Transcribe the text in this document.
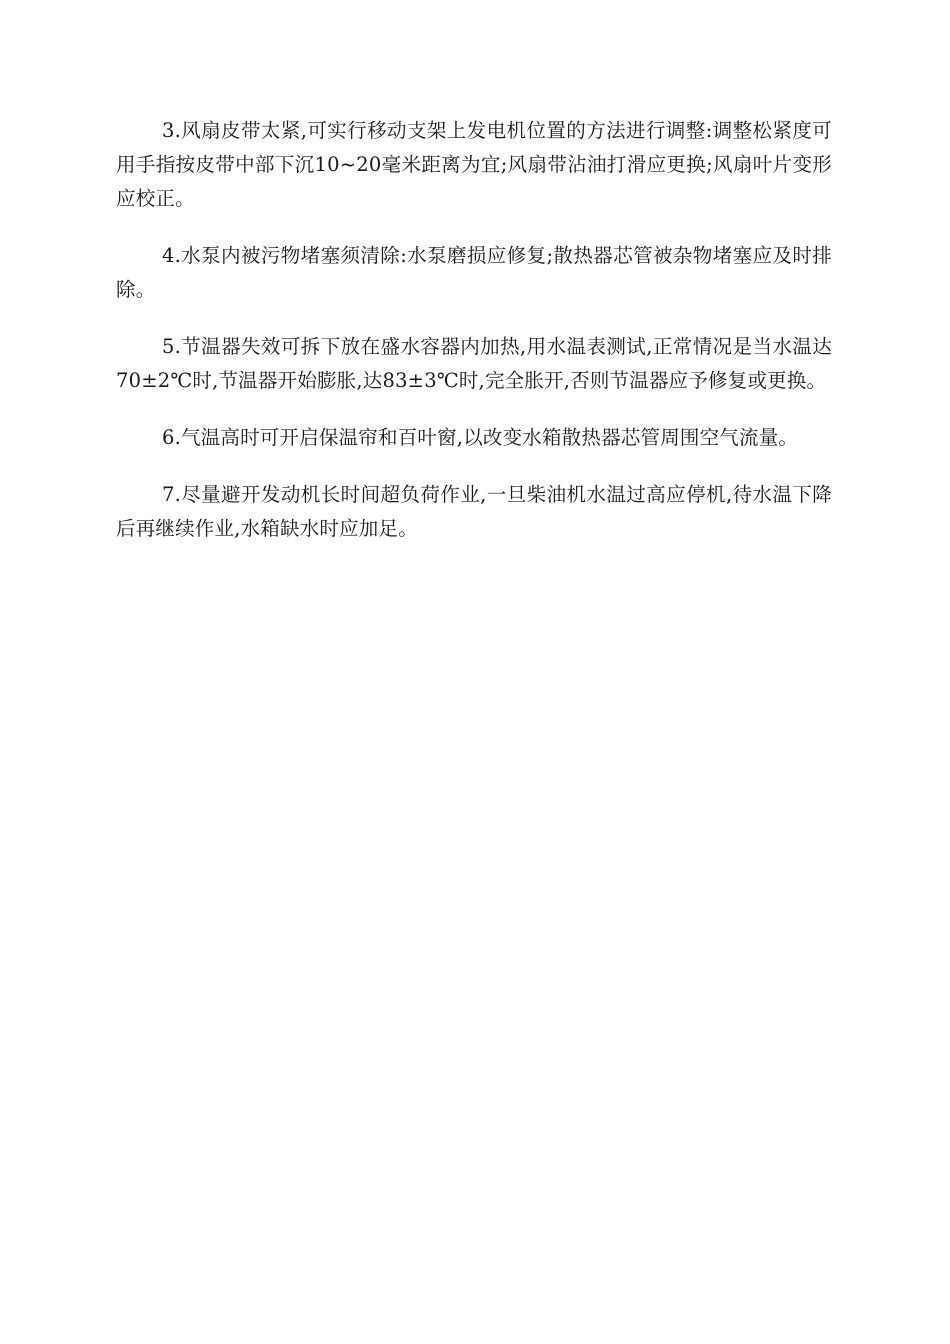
3.风扇皮带太紧,可实行移动支架上发电机位置的方法进行调整:调整松紧度可用手指按皮带中部下沉10~20毫米距离为宜;风扇带沾油打滑应更换;风扇叶片变形应校正。

4.水泵内被污物堵塞须清除:水泵磨损应修复;散热器芯管被杂物堵塞应及时排除。

5.节温器失效可拆下放在盛水容器内加热,用水温表测试,正常情况是当水温达70±2℃时,节温器开始膨胀,达83±3℃时,完全胀开,否则节温器应予修复或更换。

6.气温高时可开启保温帘和百叶窗,以改变水箱散热器芯管周围空气流量。

7.尽量避开发动机长时间超负荷作业,一旦柴油机水温过高应停机,待水温下降后再继续作业,水箱缺水时应加足。
